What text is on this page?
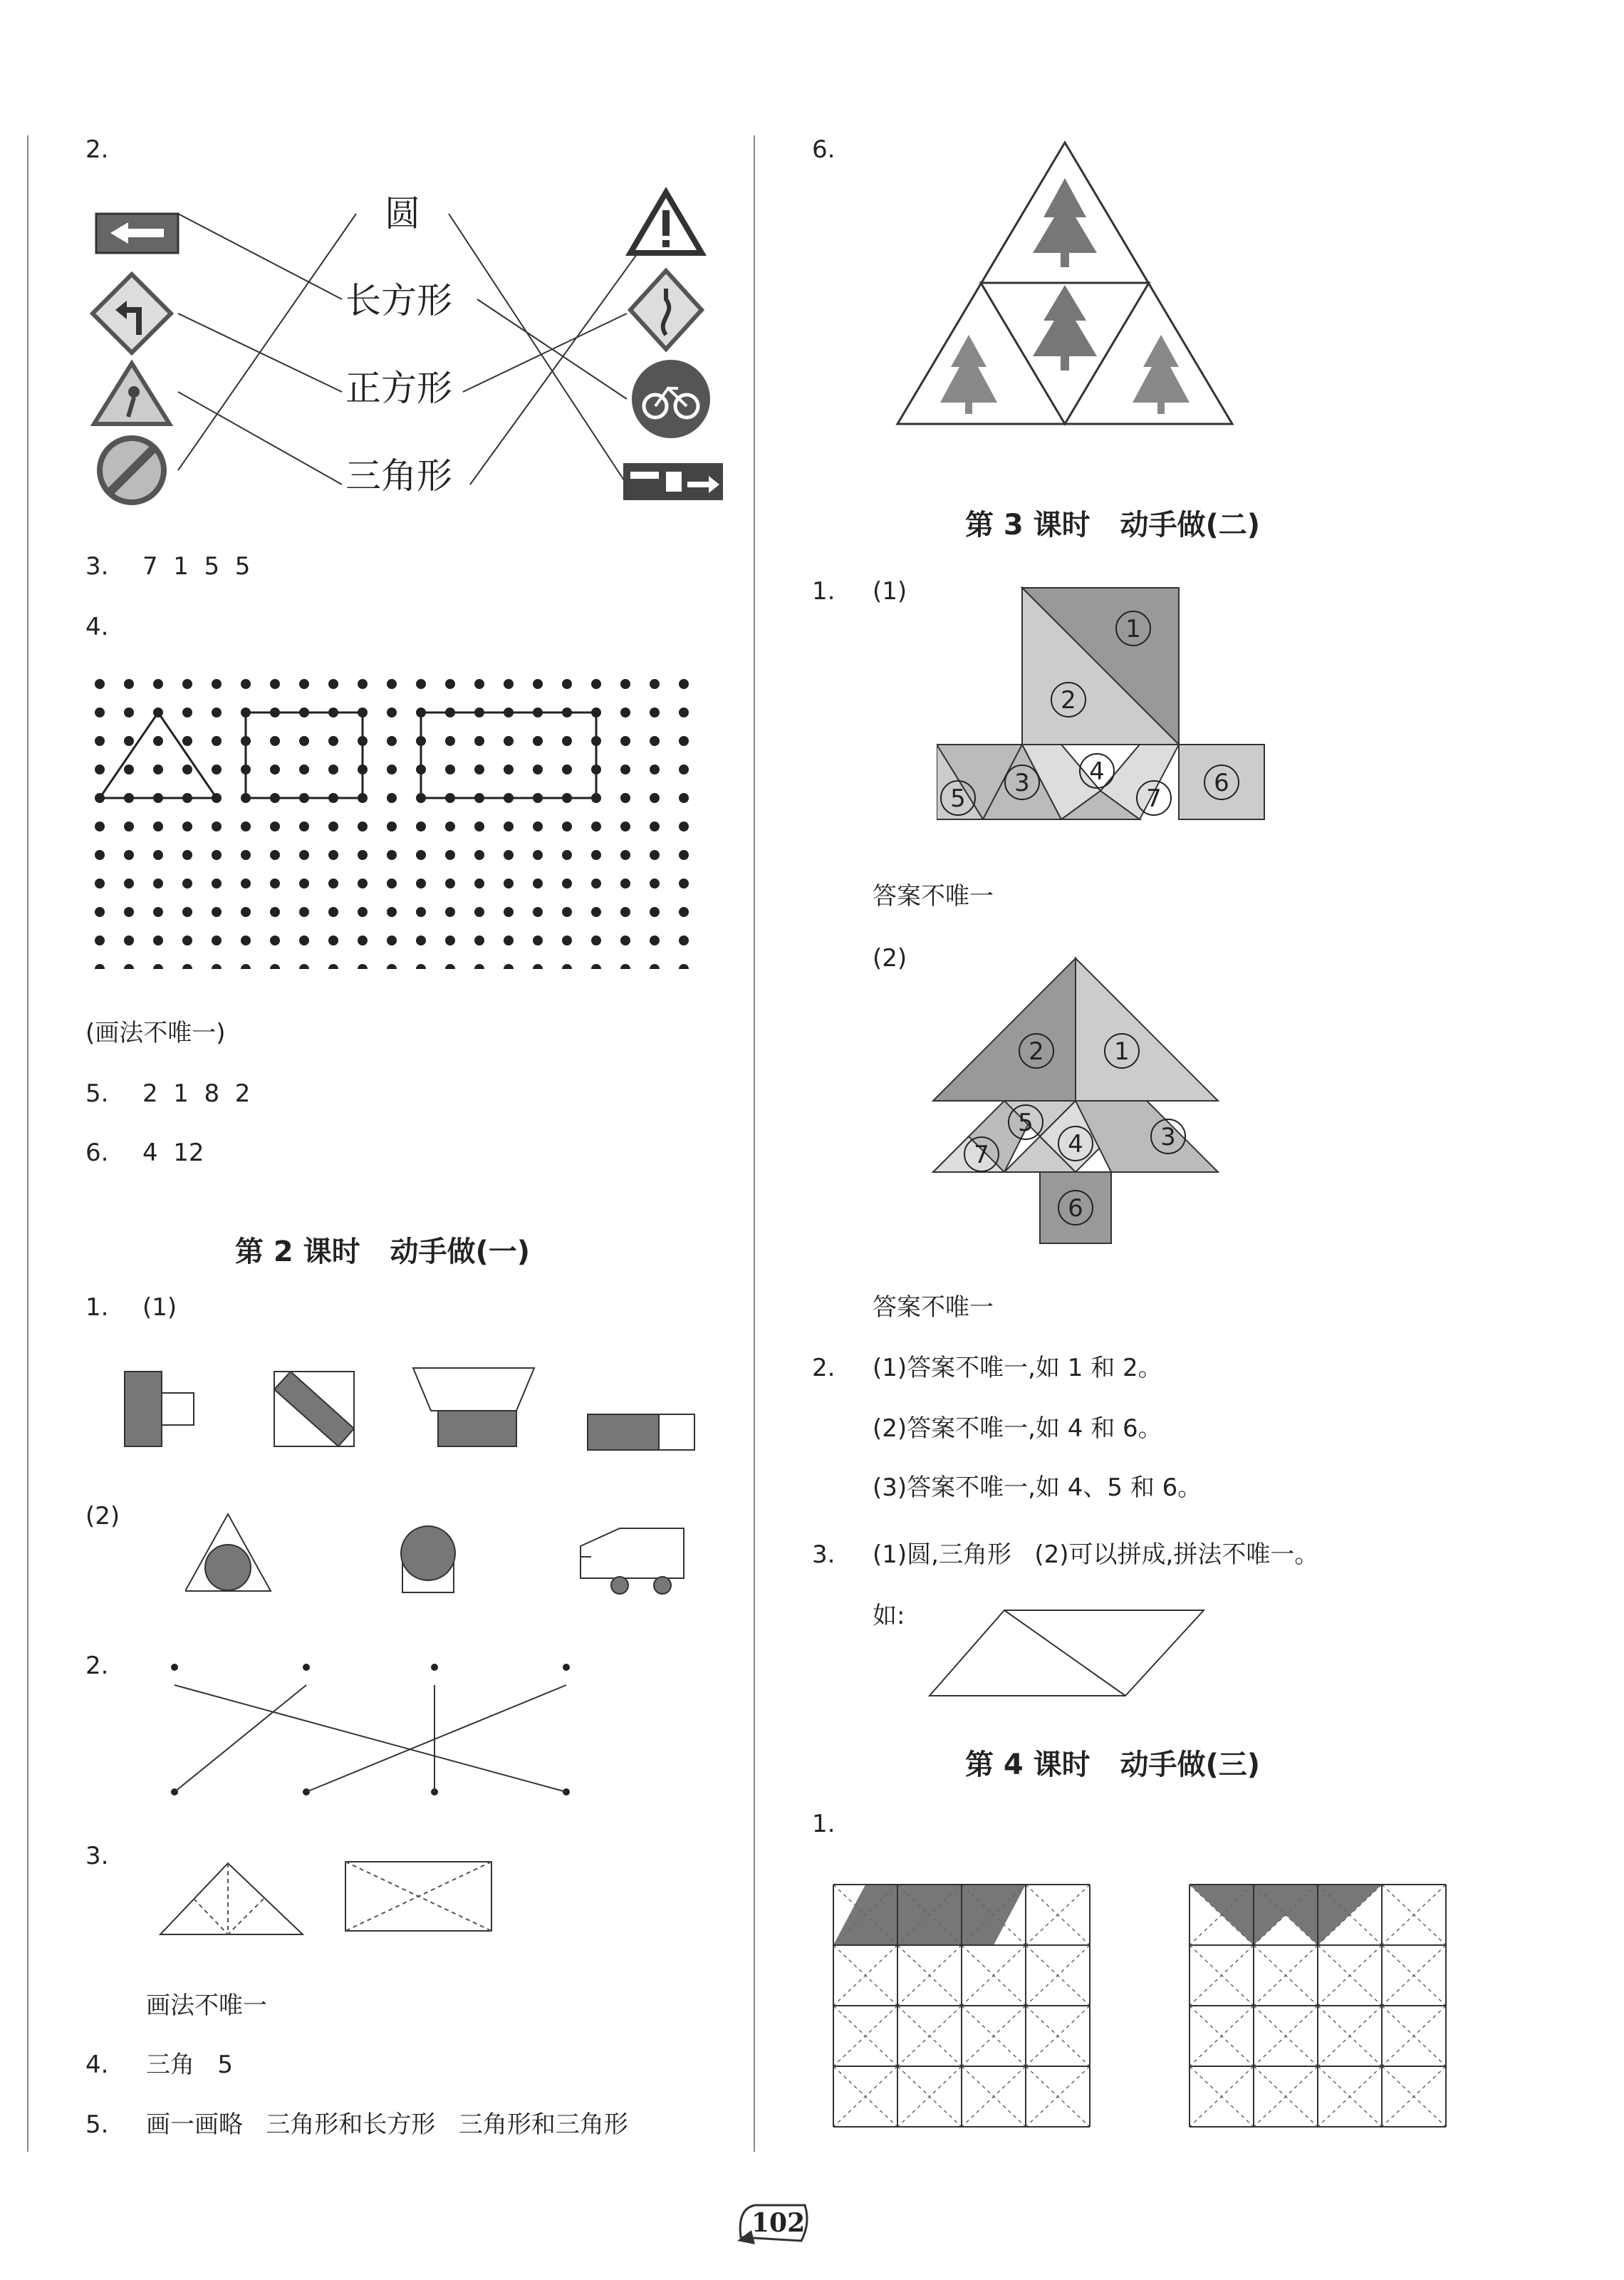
2.
圆
长方形
正方形
三角形
3. 7  1  5  5
4.
(画法不唯一)
5. 2  1  8  2
6. 4  12
第 2 课时   动手做(一)
1. (1)
(2)
2.
3.
画法不唯一
4. 三角   5
5. 画一画略   三角形和长方形   三角形和三角形
6.
第 3 课时   动手做(二)
1. (1)
1
2
3 4
5
6
7
答案不唯一
(2)
1
2
3
4
5
6
7
答案不唯一
2. (1)答案不唯一,如 1 和 2。
(2)答案不唯一,如 4 和 6。
(3)答案不唯一,如 4、5 和 6。
3. (1)圆,三角形   (2)可以拼成,拼法不唯一。
如:
第 4 课时   动手做(三)
1.
102
